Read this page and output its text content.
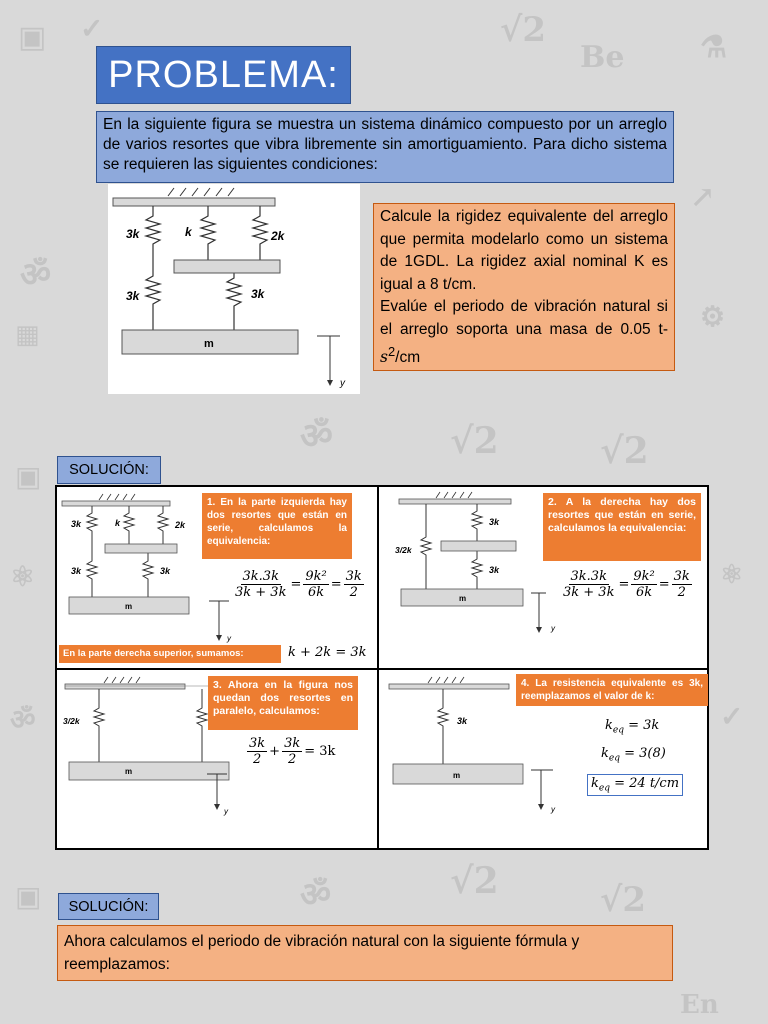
▣ ✓	√2
Be	⚗
ॐ
↗
▦
⚙
√2
ॐ	√2
▣
⚛	⚛
ॐ	✓
ॐ	√2	√2
▣
En
PROBLEMA:
En la siguiente figura se muestra un sistema dinámico compuesto por un arreglo de varios resortes que vibra libremente sin amortiguamiento. Para dicho sistema se requieren las siguientes condiciones:
3k	k	2k
3k	3k
m
y
Calcule la rigidez equivalente del arreglo que permita modelarlo como un sistema de 1GDL. La rigidez axial nominal K es igual a 8 t/cm.
Evalúe el periodo de vibración natural si el arreglo soporta una masa de 0.05 $t-s^2/cm$
SOLUCIÓN:
3k	k	2k
3k	3k
m
y
1. En la parte izquierda hay dos resortes que están en serie, calculamos la equivalencia:
$\frac{3k.3k}{3k + 3k} = \frac{\text{9k²}}{6k} = \frac{3k}{2}$
En la parte derecha superior, sumamos:	k + 2k = 3k
3/2k
3k
3k
m
y
2. A la derecha hay dos resortes que están en serie, calculamos la equivalencia:
$\frac{3k.3k}{3k + 3k} = \frac{\text{9k²}}{6k} = \frac{3k}{2}$
3/2k
m
y
3. Ahora en la figura nos quedan dos resortes en paralelo, calculamos:
$\frac{3k}{2} + \frac{3k}{2} = 3k$
3k
m
y
4. La resistencia equivalente es 3k, reemplazamos el valor de k:
$k_{eq} = 3k$
$k_{eq} = 3(8)$
$k_{eq} = 24$ t/cm
SOLUCIÓN:
Ahora calculamos el periodo de vibración natural con la siguiente fórmula y reemplazamos:
